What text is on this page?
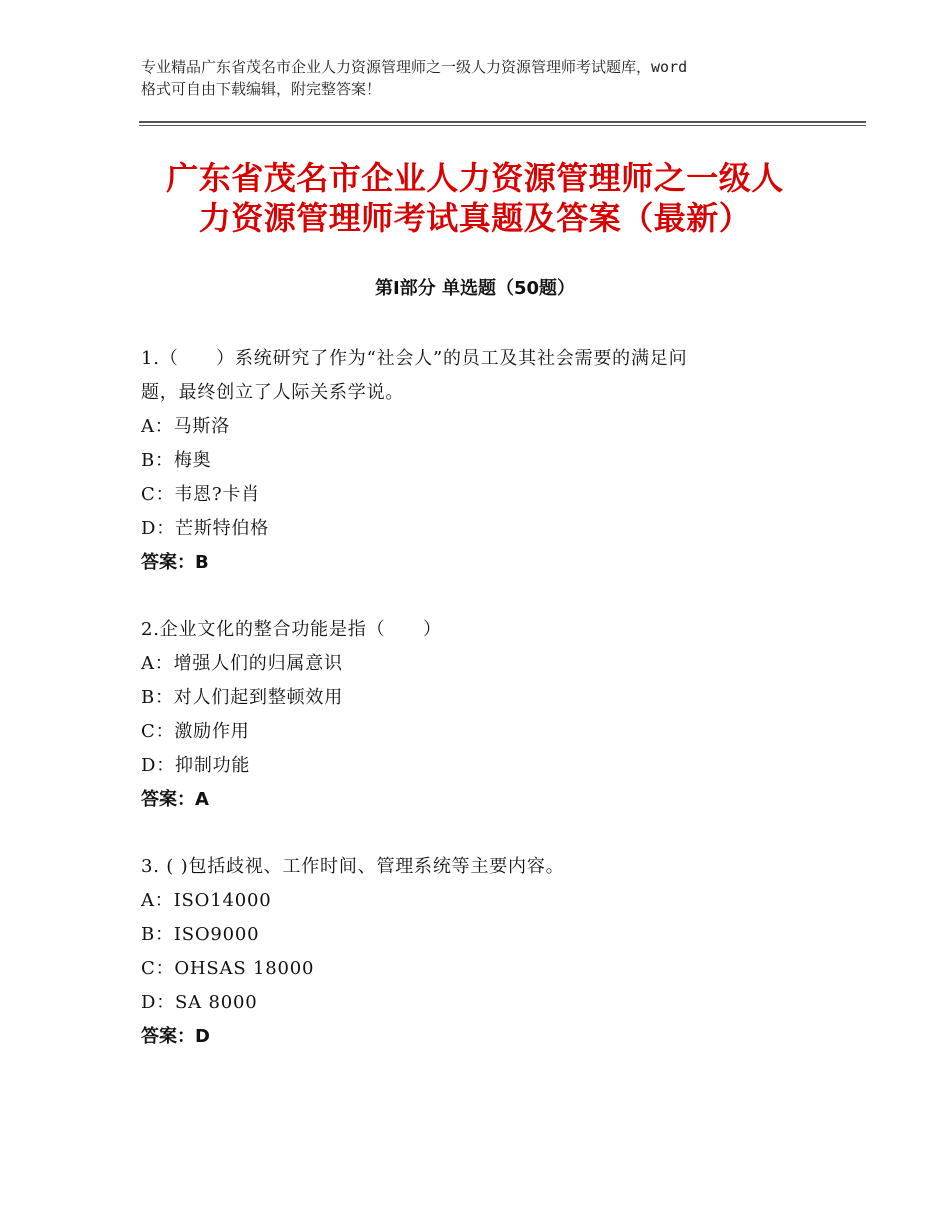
专业精品广东省茂名市企业人力资源管理师之一级人力资源管理师考试题库，word
格式可自由下载编辑，附完整答案！
广东省茂名市企业人力资源管理师之一级人
力资源管理师考试真题及答案（最新）
第Ⅰ部分 单选题（50题）
1.（　　）系统研究了作为“社会人”的员工及其社会需要的满足问
题，最终创立了人际关系学说。
A：马斯洛
B：梅奥
C：韦恩?卡肖
D：芒斯特伯格
答案：B
2.企业文化的整合功能是指（　　）
A：增强人们的归属意识
B：对人们起到整顿效用
C：激励作用
D：抑制功能
答案：A
3. ( )包括歧视、工作时间、管理系统等主要内容。
A：ISO14000
B：ISO9000
C：OHSAS 18000
D：SA 8000
答案：D
